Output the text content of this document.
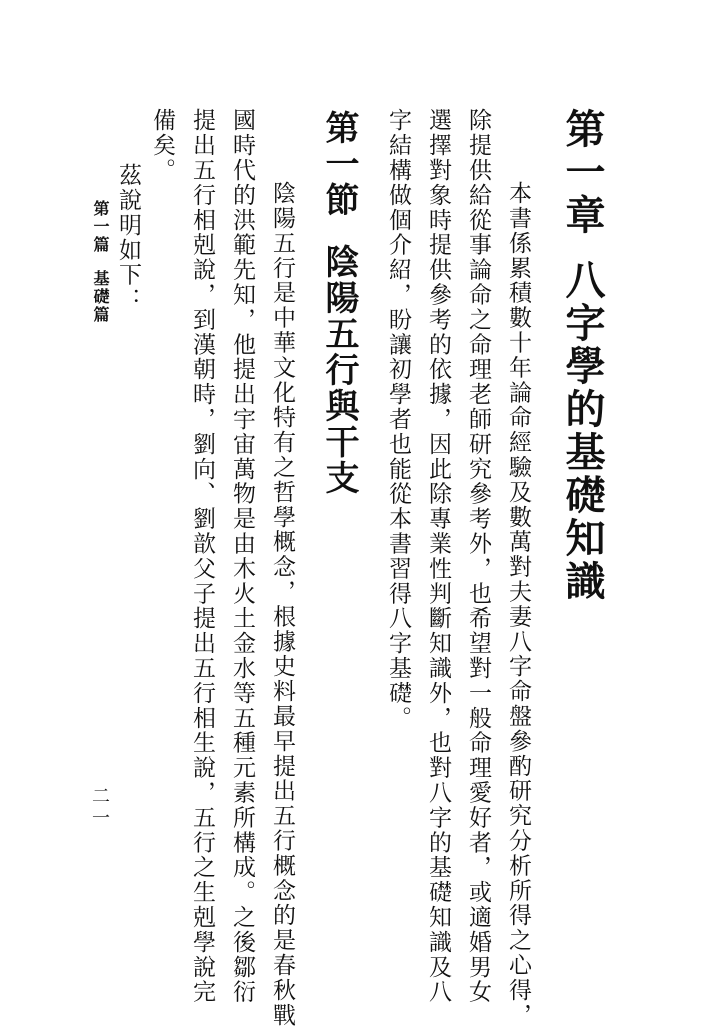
第一章八字學的基礎知識
　本書係累積數十年論命經驗及數萬對夫妻八字命盤參酌研究分析所得之心得，
除提供給從事論命之命理老師研究參考外，也希望對一般命理愛好者，或適婚男女
選擇對象時提供參考的依據，因此除專業性判斷知識外，也對八字的基礎知識及八
字結構做個介紹，盼讓初學者也能從本書習得八字基礎。
第一節陰陽五行與干支
　陰陽五行是中華文化特有之哲學概念，根據史料最早提出五行概念的是春秋戰
國時代的洪範先知，他提出宇宙萬物是由木火土金水等五種元素所構成。之後鄒衍
提出五行相剋說，到漢朝時，劉向、劉歆父子提出五行相生說，五行之生剋學說完
備矣。
　茲說明如下：
第一篇基礎篇
二一
